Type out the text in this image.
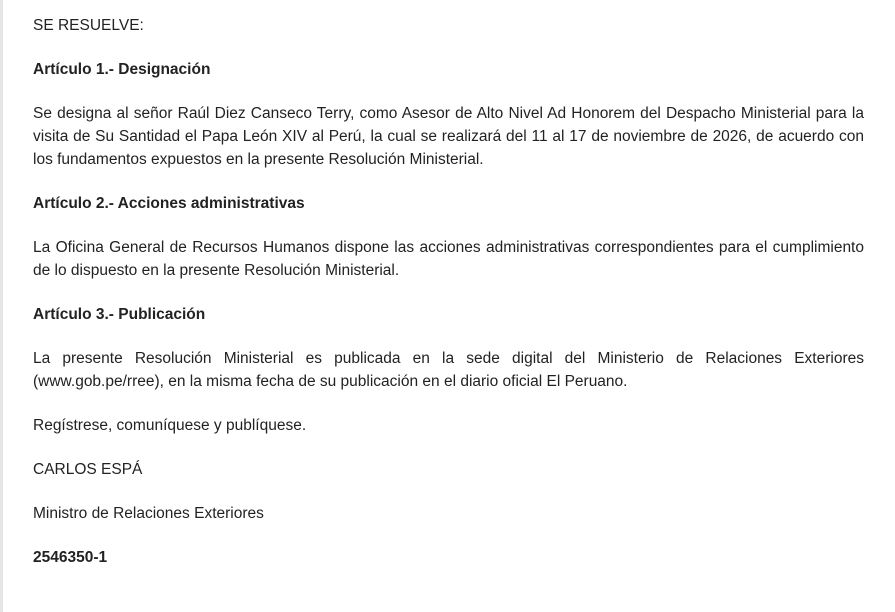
SE RESUELVE:

Artículo 1.- Designación

Se designa al señor Raúl Diez Canseco Terry, como Asesor de Alto Nivel Ad Honorem del Despacho Ministerial para la visita de Su Santidad el Papa León XIV al Perú, la cual se realizará del 11 al 17 de noviembre de 2026, de acuerdo con los fundamentos expuestos en la presente Resolución Ministerial.

Artículo 2.- Acciones administrativas

La Oficina General de Recursos Humanos dispone las acciones administrativas correspondientes para el cumplimiento de lo dispuesto en la presente Resolución Ministerial.

Artículo 3.- Publicación

La presente Resolución Ministerial es publicada en la sede digital del Ministerio de Relaciones Exteriores (www.gob.pe/rree), en la misma fecha de su publicación en el diario oficial El Peruano.

Regístrese, comuníquese y publíquese.

CARLOS ESPÁ

Ministro de Relaciones Exteriores

2546350-1
